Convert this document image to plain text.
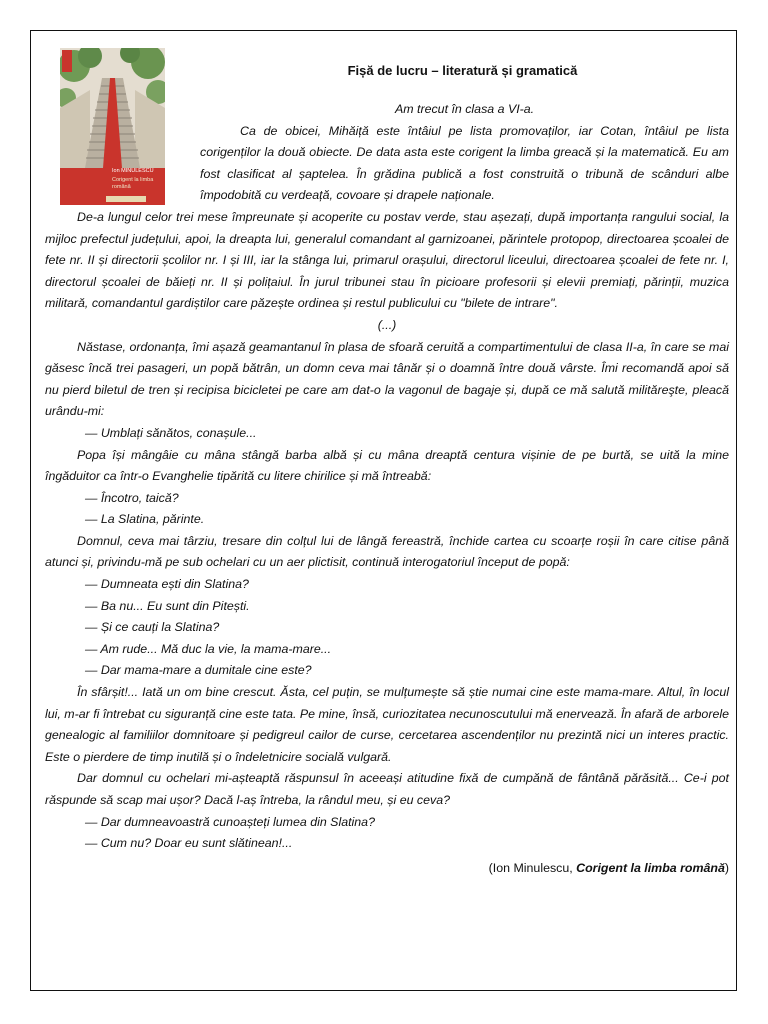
Ion MINULESCU
Corigent la limba română
Fișă de lucru – literatură și gramatică

Am trecut în clasa a VI-a.

Ca de obicei, Mihăiță este întâiul pe lista promovaților, iar Cotan, întâiul pe lista corigenților la două obiecte. De data asta este corigent la limba greacă și la matematică. Eu am fost clasificat al șaptelea. În grădina publică a fost construită o tribună de scânduri albe împodobită cu verdeață, covoare și drapele naționale.

De-a lungul celor trei mese împreunate și acoperite cu postav verde, stau așezați, după importanța rangului social, la mijloc prefectul județului, apoi, la dreapta lui, generalul comandant al garnizoanei, părintele protopop, directoarea școalei de fete nr. II și directorii școlilor nr. I și III, iar la stânga lui, primarul orașului, directorul liceului, directoarea școalei de fete nr. I, directorul școalei de băieți nr. II și polițaiul. În jurul tribunei stau în picioare profesorii și elevii premiați, părinții, muzica militară, comandantul gardiștilor care păzește ordinea și restul publicului cu "bilete de intrare".

(...)

Năstase, ordonanța, îmi așază geamantanul în plasa de sfoară ceruită a compartimentului de clasa II-a, în care se mai găsesc încă trei pasageri, un popă bătrân, un domn ceva mai tânăr și o doamnă între două vârste. Îmi recomandă apoi să nu pierd biletul de tren și recipisa bicicletei pe care am dat-o la vagonul de bagaje și, după ce mă salută milităreşte, pleacă urându-mi:

— Umblați sănătos, conașule...

Popa își mângâie cu mâna stângă barba albă și cu mâna dreaptă centura vișinie de pe burtă, se uită la mine îngăduitor ca într-o Evanghelie tipărită cu litere chirilice și mă întreabă:

— Încotro, taică?

— La Slatina, părinte.

Domnul, ceva mai târziu, tresare din colțul lui de lângă fereastră, închide cartea cu scoarțe roșii în care citise până atunci și, privindu-mă pe sub ochelari cu un aer plictisit, continuă interogatoriul început de popă:

— Dumneata ești din Slatina?

— Ba nu... Eu sunt din Pitești.

— Și ce cauți la Slatina?

— Am rude... Mă duc la vie, la mama-mare...

— Dar mama-mare a dumitale cine este?

În sfârșit!... Iată un om bine crescut. Ăsta, cel puțin, se mulțumește să știe numai cine este mama-mare. Altul, în locul lui, m-ar fi întrebat cu siguranță cine este tata. Pe mine, însă, curiozitatea necunoscutului mă enervează. În afară de arborele genealogic al familiilor domnitoare și pedigreul cailor de curse, cercetarea ascendenților nu prezintă nici un interes practic. Este o pierdere de timp inutilă și o îndeletnicire socială vulgară.

Dar domnul cu ochelari mi-așteaptă răspunsul în aceeași atitudine fixă de cumpănă de fântână părăsită... Ce-i pot răspunde să scap mai ușor? Dacă l-aș întreba, la rândul meu, și eu ceva?

— Dar dumneavoastră cunoașteți lumea din Slatina?

— Cum nu? Doar eu sunt slătinean!...

(Ion Minulescu, Corigent la limba română)
